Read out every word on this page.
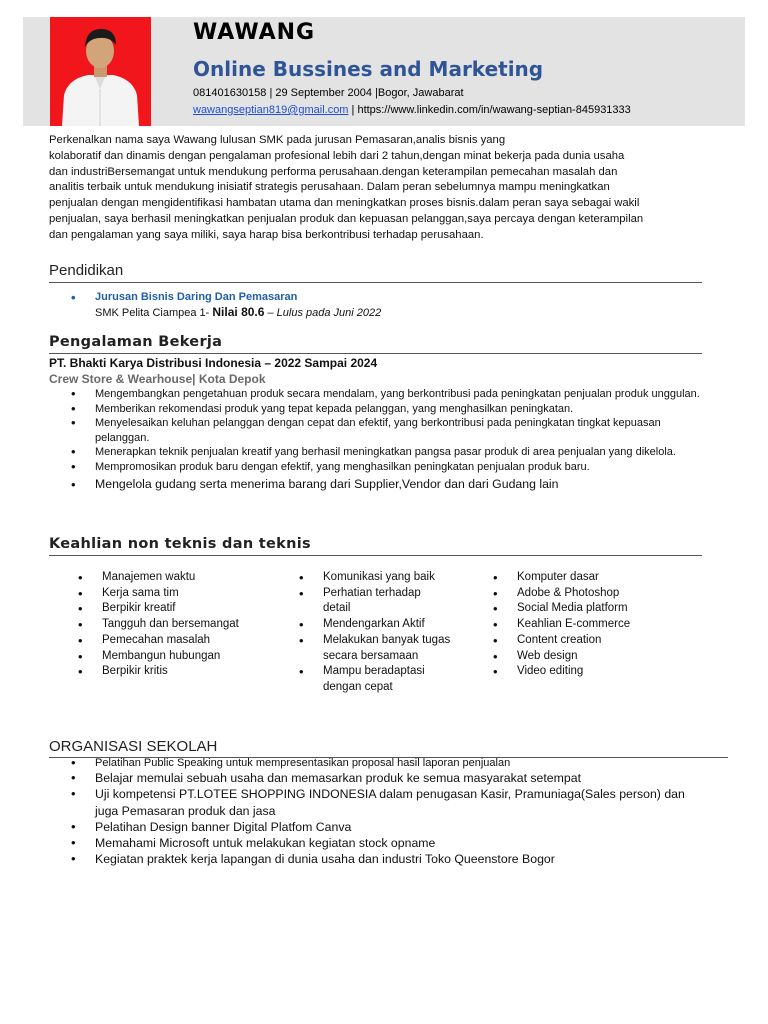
WAWANG
Online Bussines and Marketing
081401630158 | 29 September 2004 |Bogor, Jawabarat
wawangseptian819@gmail.com | https://www.linkedin.com/in/wawang-septian-845931333

Perkenalkan nama saya Wawang lulusan SMK pada jurusan Pemasaran,analis bisnis yang

kolaboratif dan dinamis dengan pengalaman profesional lebih dari 2 tahun,dengan minat bekerja pada dunia usaha

dan industriBersemangat untuk mendukung performa perusahaan.dengan keterampilan pemecahan masalah dan

analitis terbaik untuk mendukung inisiatif strategis perusahaan. Dalam peran sebelumnya mampu meningkatkan

penjualan dengan mengidentifikasi hambatan utama dan meningkatkan proses bisnis.dalam peran saya sebagai wakil

penjualan, saya berhasil meningkatkan penjualan produk dan kepuasan pelanggan,saya percaya dengan keterampilan

dan pengalaman yang saya miliki, saya harap bisa berkontribusi terhadap perusahaan.

Pendidikan
• Jurusan Bisnis Daring Dan Pemasaran
SMK Pelita Ciampea 1- Nilai 80.6 – Lulus pada Juni 2022
Pengalaman Bekerja
PT. Bhakti Karya Distribusi Indonesia – 2022 Sampai 2024
Crew Store & Wearhouse| Kota Depok
• Mengembangkan pengetahuan produk secara mendalam, yang berkontribusi pada peningkatan penjualan produk unggulan.
• Memberikan rekomendasi produk yang tepat kepada pelanggan, yang menghasilkan peningkatan.
• Menyelesaikan keluhan pelanggan dengan cepat dan efektif, yang berkontribusi pada peningkatan tingkat kepuasan pelanggan.
• Menerapkan teknik penjualan kreatif yang berhasil meningkatkan pangsa pasar produk di area penjualan yang dikelola.
• Mempromosikan produk baru dengan efektif, yang menghasilkan peningkatan penjualan produk baru.
• Mengelola gudang serta menerima barang dari Supplier,Vendor dan dari Gudang lain
Keahlian non teknis dan teknis
• Manajemen waktu
• Kerja sama tim
• Berpikir kreatif
• Tangguh dan bersemangat
• Pemecahan masalah
• Membangun hubungan
• Berpikir kritis
• Komunikasi yang baik
• Perhatian terhadap detail
• Mendengarkan Aktif
• Melakukan banyak tugas secara bersamaan
• Mampu beradaptasi dengan cepat
• Komputer dasar
• Adobe & Photoshop
• Social Media platform
• Keahlian E-commerce
• Content creation
• Web design
• Video editing
ORGANISASI SEKOLAH
• Pelatihan Public Speaking untuk mempresentasikan proposal hasil laporan penjualan
• Belajar memulai sebuah usaha dan memasarkan produk ke semua masyarakat setempat
• Uji kompetensi PT.LOTEE SHOPPING INDONESIA dalam penugasan Kasir, Pramuniaga(Sales person) dan juga Pemasaran produk dan jasa
• Pelatihan Design banner Digital Platfom Canva
• Memahami Microsoft untuk melakukan kegiatan stock opname
• Kegiatan praktek kerja lapangan di dunia usaha dan industri Toko Queenstore Bogor
